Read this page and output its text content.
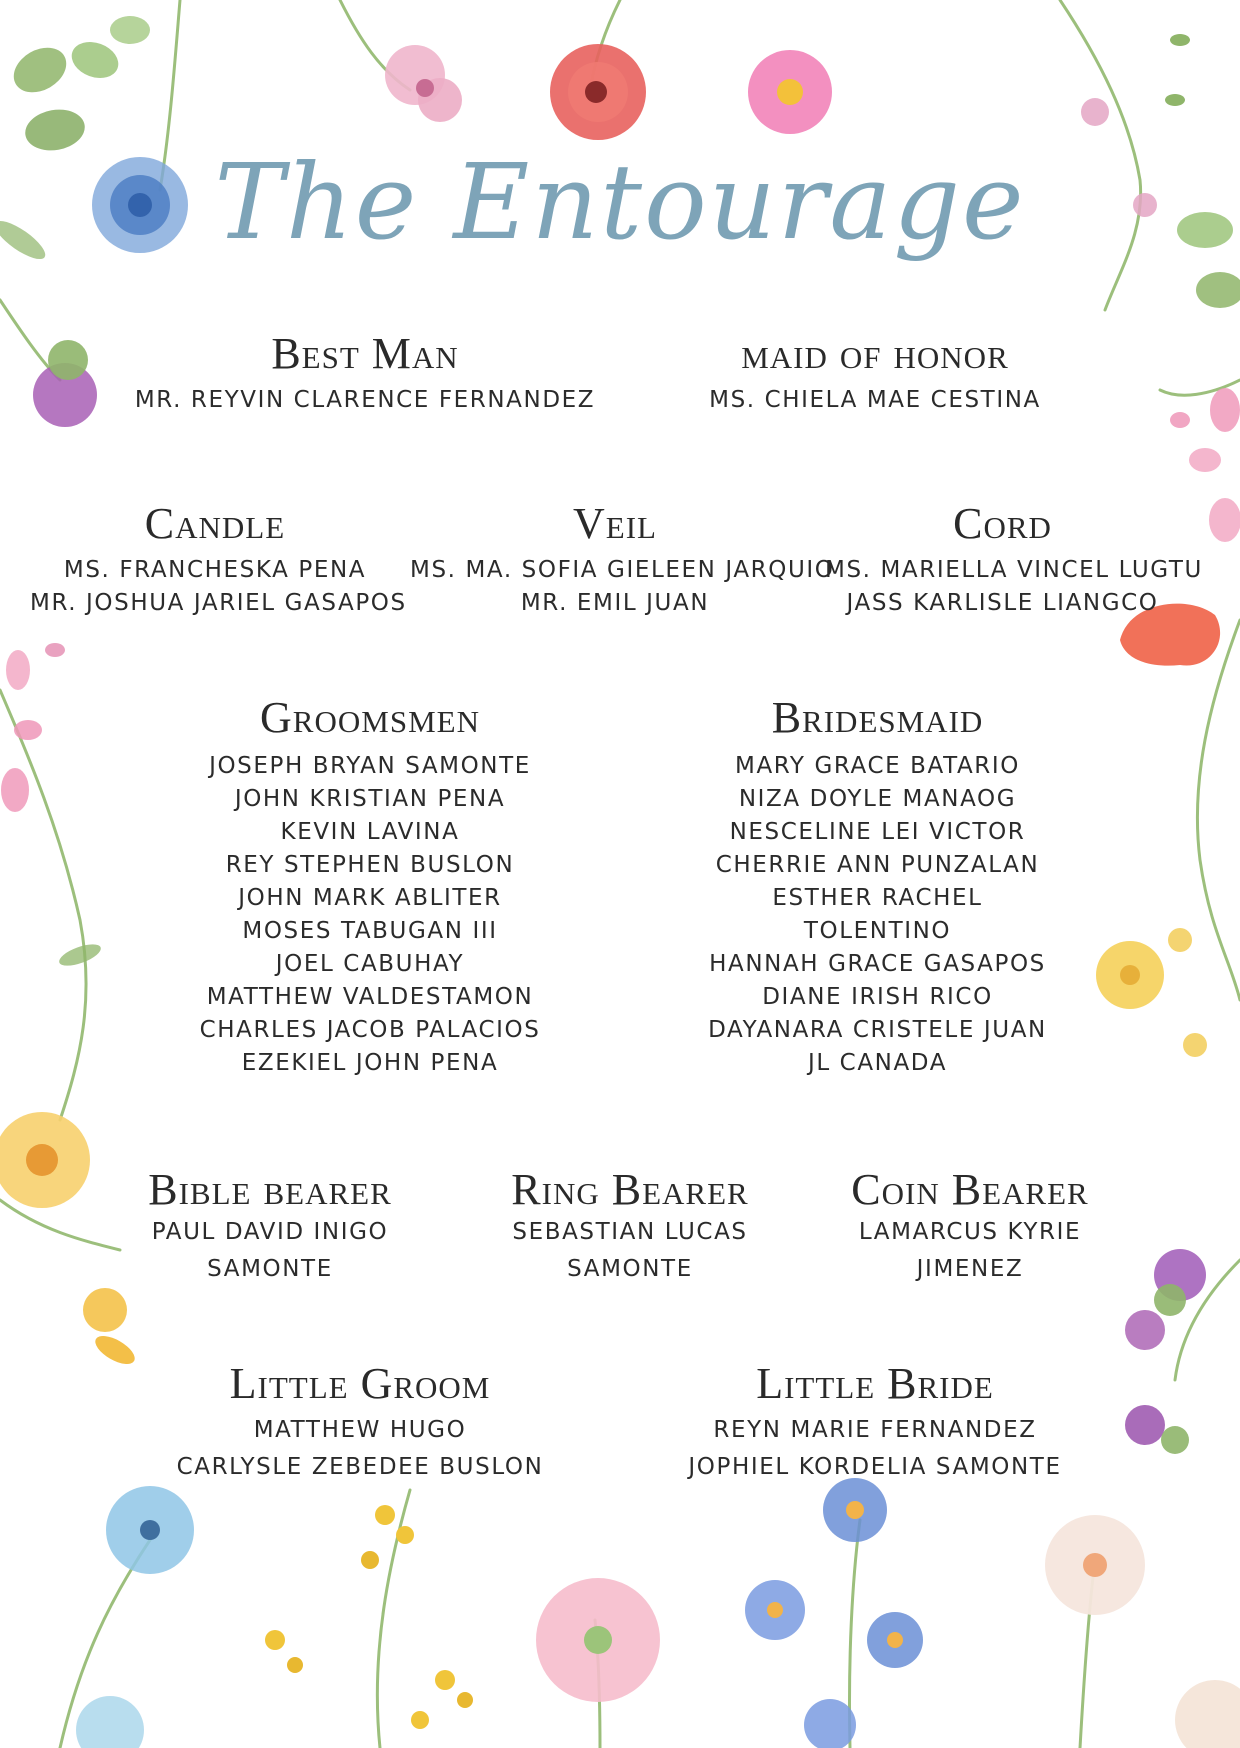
The Entourage
Best Man
MR. REYVIN CLARENCE FERNANDEZ
maid of honor
MS. CHIELA MAE CESTINA
Candle
MS. FRANCHESKA PENA
MR. JOSHUA JARIEL GASAPOS
Veil
MS. MA. SOFIA GIELEEN JARQUIO
MR. EMIL JUAN
Cord
MS. MARIELLA VINCEL LUGTU
JASS KARLISLE LIANGCO
Groomsmen
JOSEPH BRYAN SAMONTE
JOHN KRISTIAN PENA
KEVIN LAVINA
REY STEPHEN BUSLON
JOHN MARK ABLITER
MOSES TABUGAN III
JOEL CABUHAY
MATTHEW VALDESTAMON
CHARLES JACOB PALACIOS
EZEKIEL JOHN PENA
Bridesmaid
MARY GRACE BATARIO
NIZA DOYLE MANAOG
NESCELINE LEI VICTOR
CHERRIE ANN PUNZALAN
ESTHER RACHEL
TOLENTINO
HANNAH GRACE GASAPOS
DIANE IRISH RICO
DAYANARA CRISTELE JUAN
JL CANADA
Bible bearer
PAUL DAVID INIGO
SAMONTE
Ring Bearer
SEBASTIAN LUCAS
SAMONTE
Coin Bearer
LAMARCUS KYRIE
JIMENEZ
Little Groom
MATTHEW HUGO
CARLYSLE ZEBEDEE BUSLON
Little Bride
REYN MARIE FERNANDEZ
JOPHIEL KORDELIA SAMONTE
